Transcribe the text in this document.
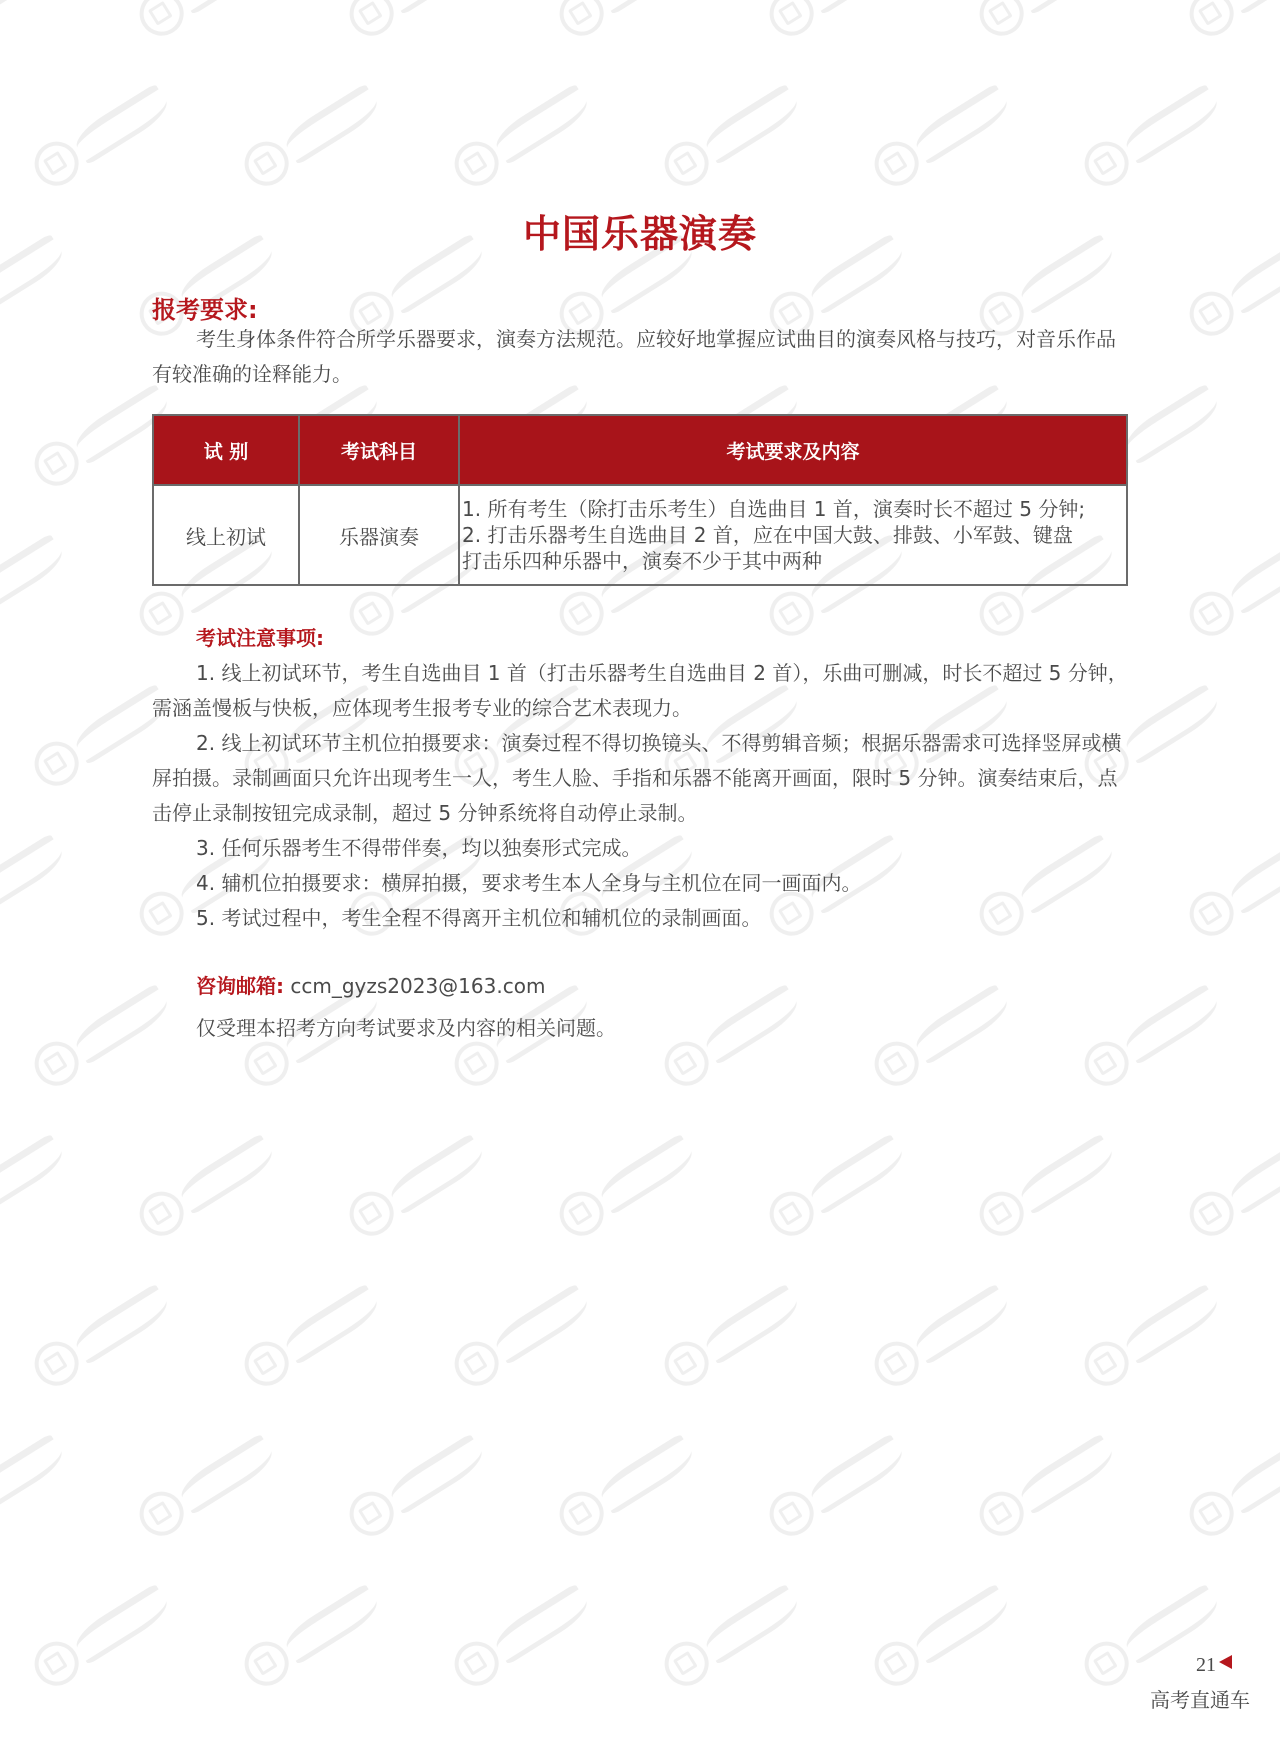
中国乐器演奏
报考要求:

考生身体条件符合所学乐器要求，演奏方法规范。应较好地掌握应试曲目的演奏风格与技巧，对音乐作品有较准确的诠释能力。

试 别	考试科目	考试要求及内容
线上初试	乐器演奏	1. 所有考生（除打击乐考生）自选曲目 1 首，演奏时长不超过 5 分钟;
2. 打击乐器考生自选曲目 2 首，应在中国大鼓、排鼓、小军鼓、键盘
打击乐四种乐器中，演奏不少于其中两种
考试注意事项:
1. 线上初试环节，考生自选曲目 1 首（打击乐器考生自选曲目 2 首），乐曲可删减，时长不超过 5 分钟，需涵盖慢板与快板，应体现考生报考专业的综合艺术表现力。
2. 线上初试环节主机位拍摄要求：演奏过程不得切换镜头、不得剪辑音频；根据乐器需求可选择竖屏或横屏拍摄。录制画面只允许出现考生一人，考生人脸、手指和乐器不能离开画面，限时 5 分钟。演奏结束后，点击停止录制按钮完成录制，超过 5 分钟系统将自动停止录制。
3. 任何乐器考生不得带伴奏，均以独奏形式完成。
4. 辅机位拍摄要求：横屏拍摄，要求考生本人全身与主机位在同一画面内。
5. 考试过程中，考生全程不得离开主机位和辅机位的录制画面。
咨询邮箱: ccm_gyzs2023@163.com
仅受理本招考方向考试要求及内容的相关问题。
21
高考直通车
